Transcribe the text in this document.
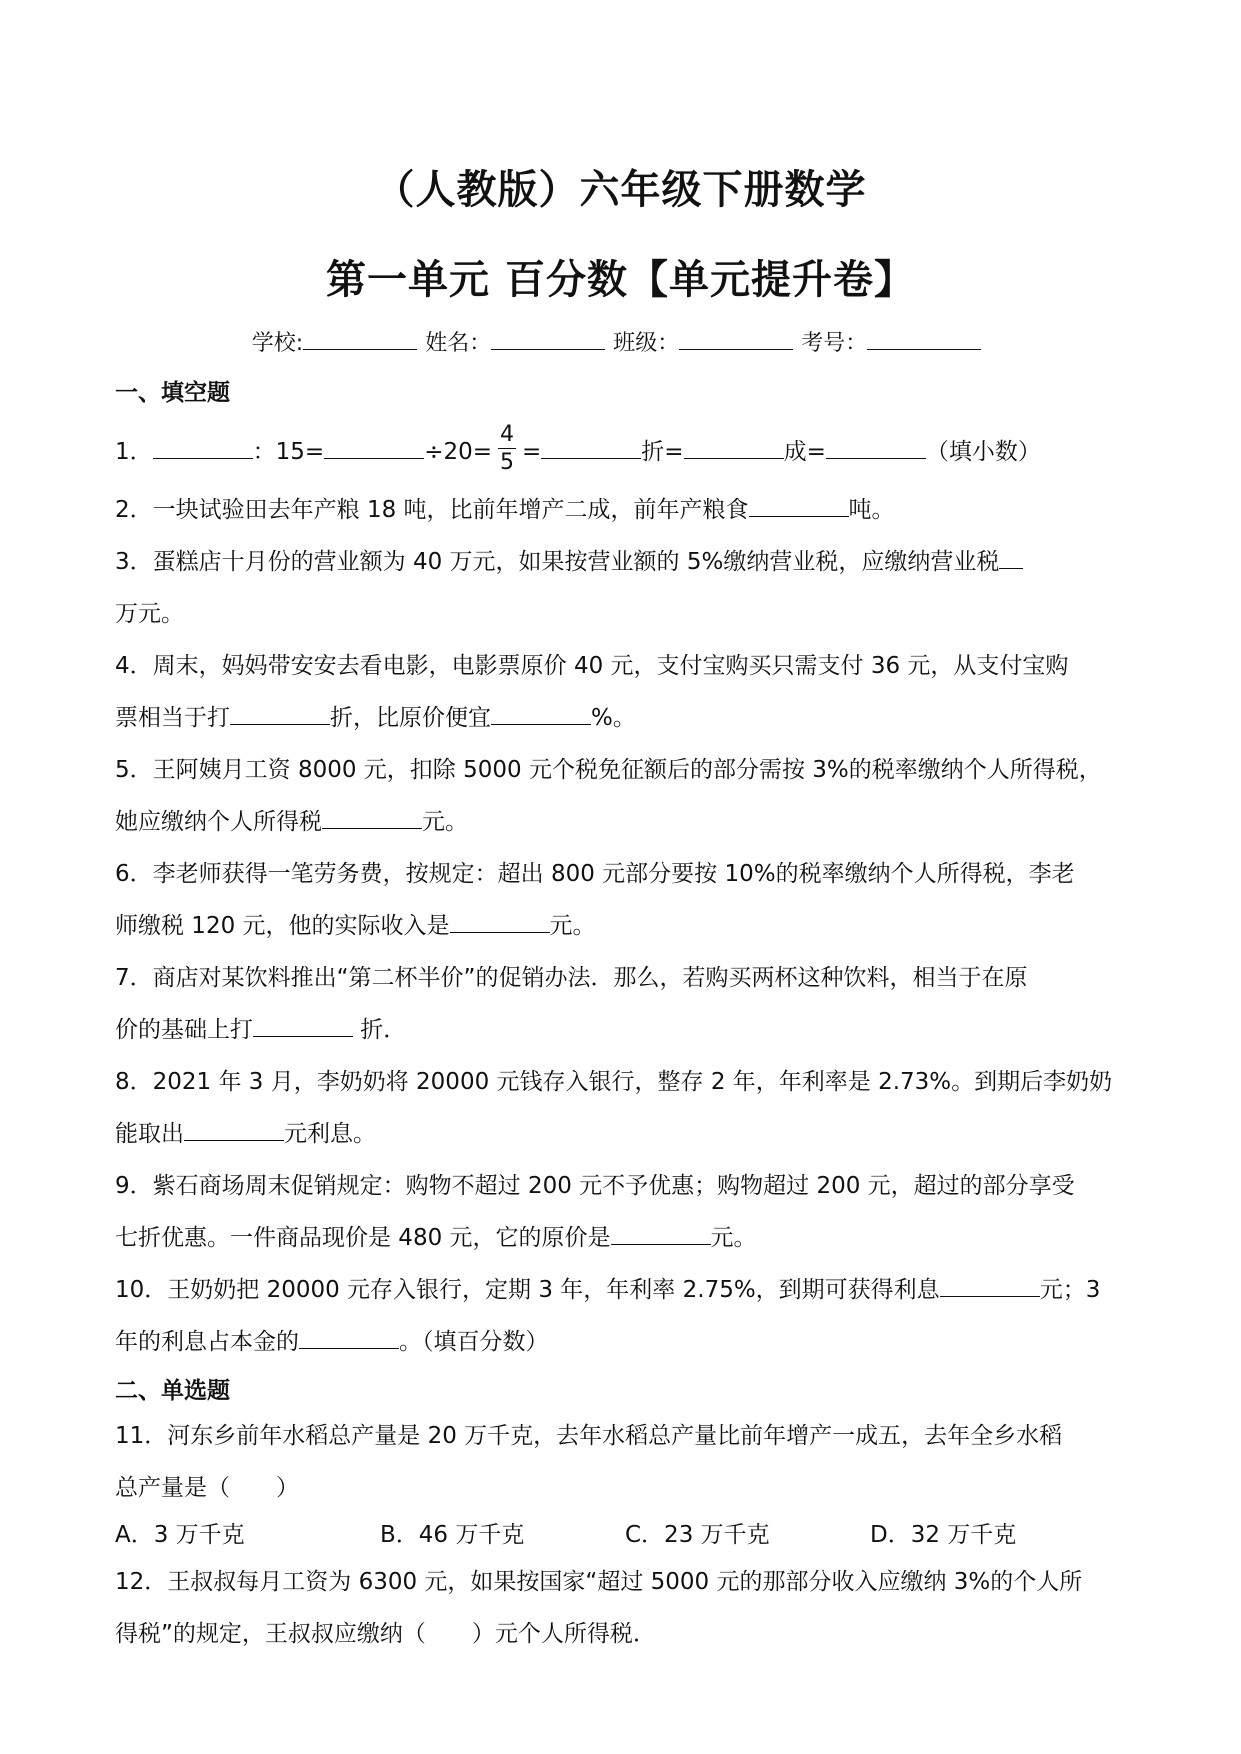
（人教版）六年级下册数学
第一单元 百分数【单元提升卷】
学校:	姓名：	班级：	考号：
一、填空题
1．	：15=	$\div 20= \frac{4}{5}$ =	折=	成=	（填小数）
2．一块试验田去年产粮 18 吨，比前年增产二成，前年产粮食	吨。
3．蛋糕店十月份的营业额为 40 万元，如果按营业额的 5%缴纳营业税，应缴纳营业税
万元。
4．周末，妈妈带安安去看电影，电影票原价 40 元，支付宝购买只需支付 36 元，从支付宝购
票相当于打	折，比原价便宜	%。
5．王阿姨月工资 8000 元，扣除 5000 元个税免征额后的部分需按 3%的税率缴纳个人所得税，
她应缴纳个人所得税	元。
6．李老师获得一笔劳务费，按规定：超出 800 元部分要按 10%的税率缴纳个人所得税，李老
师缴税 120 元，他的实际收入是	元。
7．商店对某饮料推出“第二杯半价”的促销办法．那么，若购买两杯这种饮料，相当于在原
价的基础上打	折．
8．2021 年 3 月，李奶奶将 20000 元钱存入银行，整存 2 年，年利率是 2.73%。到期后李奶奶
能取出	元利息。
9．紫石商场周末促销规定：购物不超过 200 元不予优惠；购物超过 200 元，超过的部分享受
七折优惠。一件商品现价是 480 元，它的原价是	元。
10．王奶奶把 20000 元存入银行，定期 3 年，年利率 2.75%，到期可获得利息	元；3
年的利息占本金的	。（填百分数）
二、单选题
11．河东乡前年水稻总产量是 20 万千克，去年水稻总产量比前年增产一成五，去年全乡水稻
总产量是（　　）
A．3 万千克	B．46 万千克	C．23 万千克	D．32 万千克
12．王叔叔每月工资为 6300 元，如果按国家“超过 5000 元的那部分收入应缴纳 3%的个人所
得税”的规定，王叔叔应缴纳（　　）元个人所得税．
